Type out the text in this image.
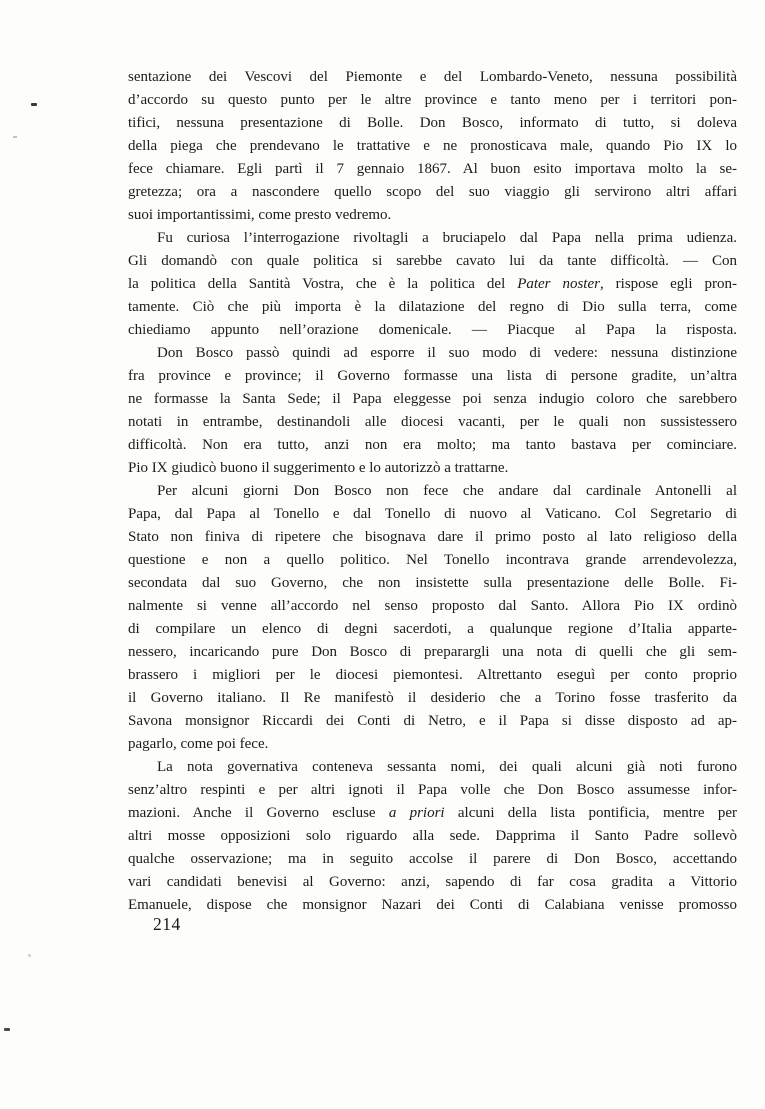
sentazione dei Vescovi del Piemonte e del Lombardo-Veneto, nessuna possibilità
d’accordo su questo punto per le altre province e tanto meno per i territori pon-
tifici, nessuna presentazione di Bolle. Don Bosco, informato di tutto, si doleva
della piega che prendevano le trattative e ne pronosticava male, quando Pio IX lo
fece chiamare. Egli partì il 7 gennaio 1867. Al buon esito importava molto la se-
gretezza; ora a nascondere quello scopo del suo viaggio gli servirono altri affari
suoi importantissimi, come presto vedremo.
Fu curiosa l’interrogazione rivoltagli a bruciapelo dal Papa nella prima udienza.
Gli domandò con quale politica si sarebbe cavato lui da tante difficoltà. — Con
la politica della Santità Vostra, che è la politica del Pater noster, rispose egli pron-
tamente. Ciò che più importa è la dilatazione del regno di Dio sulla terra, come
chiediamo appunto nell’orazione domenicale. — Piacque al Papa la risposta.
Don Bosco passò quindi ad esporre il suo modo di vedere: nessuna distinzione
fra province e province; il Governo formasse una lista di persone gradite, un’altra
ne formasse la Santa Sede; il Papa eleggesse poi senza indugio coloro che sarebbero
notati in entrambe, destinandoli alle diocesi vacanti, per le quali non sussistessero
difficoltà. Non era tutto, anzi non era molto; ma tanto bastava per cominciare.
Pio IX giudicò buono il suggerimento e lo autorizzò a trattarne.
Per alcuni giorni Don Bosco non fece che andare dal cardinale Antonelli al
Papa, dal Papa al Tonello e dal Tonello di nuovo al Vaticano. Col Segretario di
Stato non finiva di ripetere che bisognava dare il primo posto al lato religioso della
questione e non a quello politico. Nel Tonello incontrava grande arrendevolezza,
secondata dal suo Governo, che non insistette sulla presentazione delle Bolle. Fi-
nalmente si venne all’accordo nel senso proposto dal Santo. Allora Pio IX ordinò
di compilare un elenco di degni sacerdoti, a qualunque regione d’Italia apparte-
nessero, incaricando pure Don Bosco di preparargli una nota di quelli che gli sem-
brassero i migliori per le diocesi piemontesi. Altrettanto eseguì per conto proprio
il Governo italiano. Il Re manifestò il desiderio che a Torino fosse trasferito da
Savona monsignor Riccardi dei Conti di Netro, e il Papa si disse disposto ad ap-
pagarlo, come poi fece.
La nota governativa conteneva sessanta nomi, dei quali alcuni già noti furono
senz’altro respinti e per altri ignoti il Papa volle che Don Bosco assumesse infor-
mazioni. Anche il Governo escluse a priori alcuni della lista pontificia, mentre per
altri mosse opposizioni solo riguardo alla sede. Dapprima il Santo Padre sollevò
qualche osservazione; ma in seguito accolse il parere di Don Bosco, accettando
vari candidati benevisi al Governo: anzi, sapendo di far cosa gradita a Vittorio
Emanuele, dispose che monsignor Nazari dei Conti di Calabiana venisse promosso
214
